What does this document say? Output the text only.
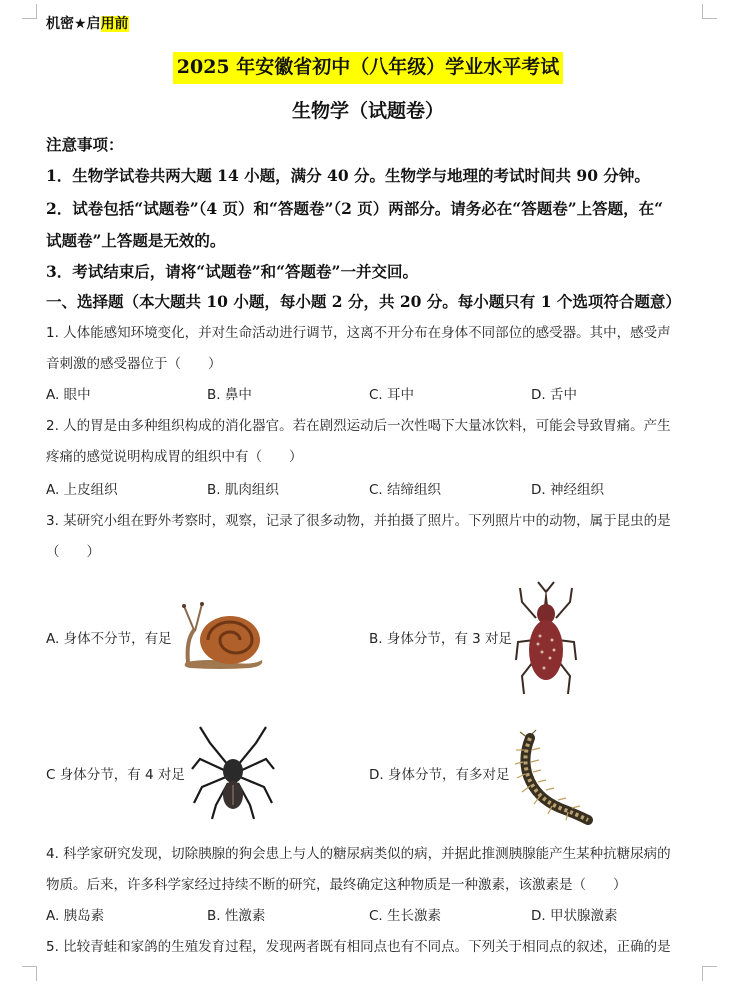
机密★启用前
2025 年安徽省初中（八年级）学业水平考试
生物学（试题卷）
注意事项：
1．生物学试卷共两大题 14 小题，满分 40 分。生物学与地理的考试时间共 90 分钟。
2．试卷包括“试题卷”（4 页）和“答题卷”（2 页）两部分。请务必在“答题卷”上答题，在“
试题卷”上答题是无效的。
3．考试结束后，请将“试题卷”和“答题卷”一并交回。
一、选择题（本大题共 10 小题，每小题 2 分，共 20 分。每小题只有 1 个选项符合题意）
1. 人体能感知环境变化，并对生命活动进行调节，这离不开分布在身体不同部位的感受器。其中，感受声
音刺激的感受器位于（　　）
A. 眼中	B. 鼻中	C. 耳中	D. 舌中
2. 人的胃是由多种组织构成的消化器官。若在剧烈运动后一次性喝下大量冰饮料，可能会导致胃痛。产生
疼痛的感觉说明构成胃的组织中有（　　）
A. 上皮组织	B. 肌肉组织	C. 结缔组织	D. 神经组织
3. 某研究小组在野外考察时，观察，记录了很多动物，并拍摄了照片。下列照片中的动物，属于昆虫的是
（　　）
A. 身体不分节，有足	B. 身体分节，有 3 对足
C 身体分节，有 4 对足	D. 身体分节，有多对足
4. 科学家研究发现，切除胰腺的狗会患上与人的糖尿病类似的病，并据此推测胰腺能产生某种抗糖尿病的
物质。后来，许多科学家经过持续不断的研究，最终确定这种物质是一种激素，该激素是（　　）
A. 胰岛素	B. 性激素	C. 生长激素	D. 甲状腺激素
5. 比较青蛙和家鸽的生殖发育过程，发现两者既有相同点也有不同点。下列关于相同点的叙述，正确的是
